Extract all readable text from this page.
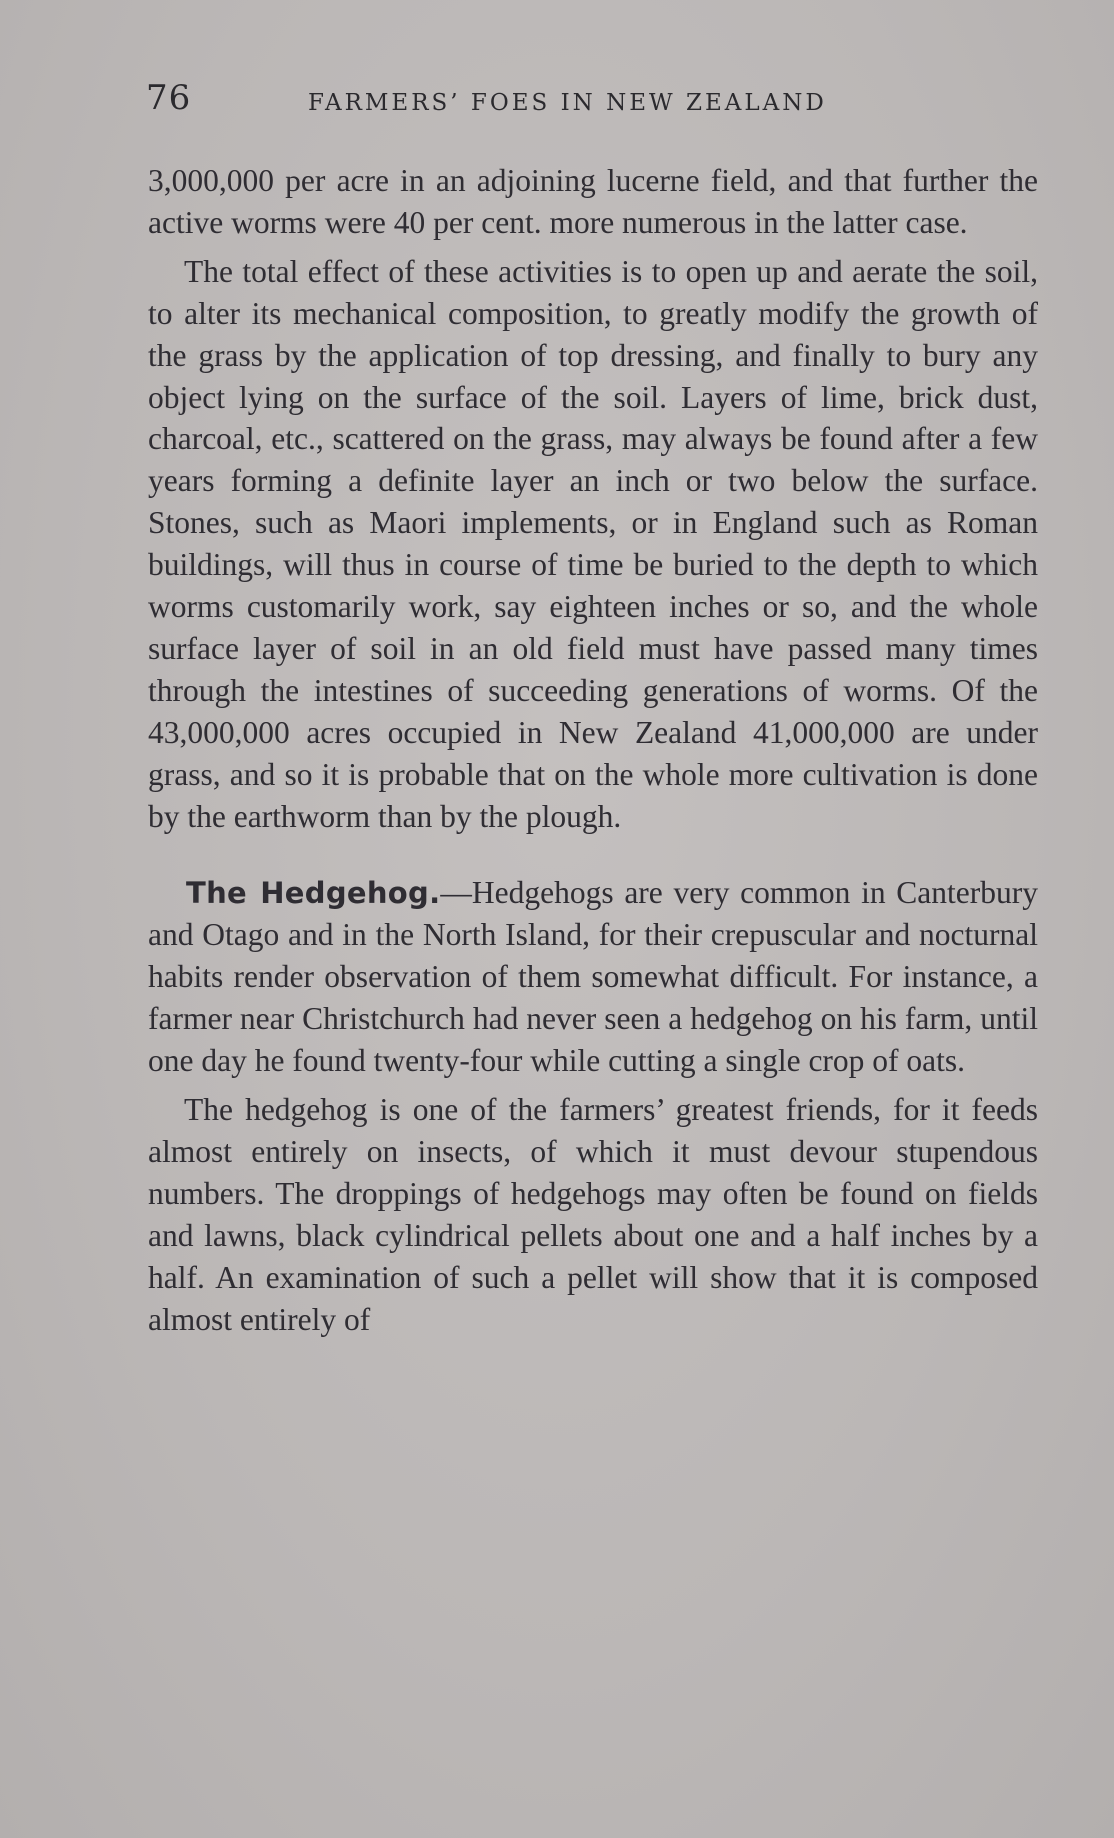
76	FARMERS’ FOES IN NEW ZEALAND

3,000,000 per acre in an adjoining lucerne field, and that further the active worms were 40 per cent. more numerous in the latter case.

The total effect of these activities is to open up and aerate the soil, to alter its mechanical composition, to greatly modify the growth of the grass by the application of top dressing, and finally to bury any object lying on the surface of the soil. Layers of lime, brick dust, charcoal, etc., scattered on the grass, may always be found after a few years forming a definite layer an inch or two below the surface. Stones, such as Maori implements, or in England such as Roman buildings, will thus in course of time be buried to the depth to which worms customarily work, say eighteen inches or so, and the whole surface layer of soil in an old field must have passed many times through the intestines of succeeding generations of worms. Of the 43,000,000 acres occupied in New Zealand 41,000,000 are under grass, and so it is probable that on the whole more cultivation is done by the earthworm than by the plough.

The Hedgehog.—Hedgehogs are very common in Canterbury and Otago and in the North Island, for their crepuscular and nocturnal habits render observation of them somewhat difficult. For instance, a farmer near Christchurch had never seen a hedgehog on his farm, until one day he found twenty-four while cutting a single crop of oats.

The hedgehog is one of the farmers’ greatest friends, for it feeds almost entirely on insects, of which it must devour stupendous numbers. The droppings of hedgehogs may often be found on fields and lawns, black cylindrical pellets about one and a half inches by a half. An examination of such a pellet will show that it is composed almost entirely of
